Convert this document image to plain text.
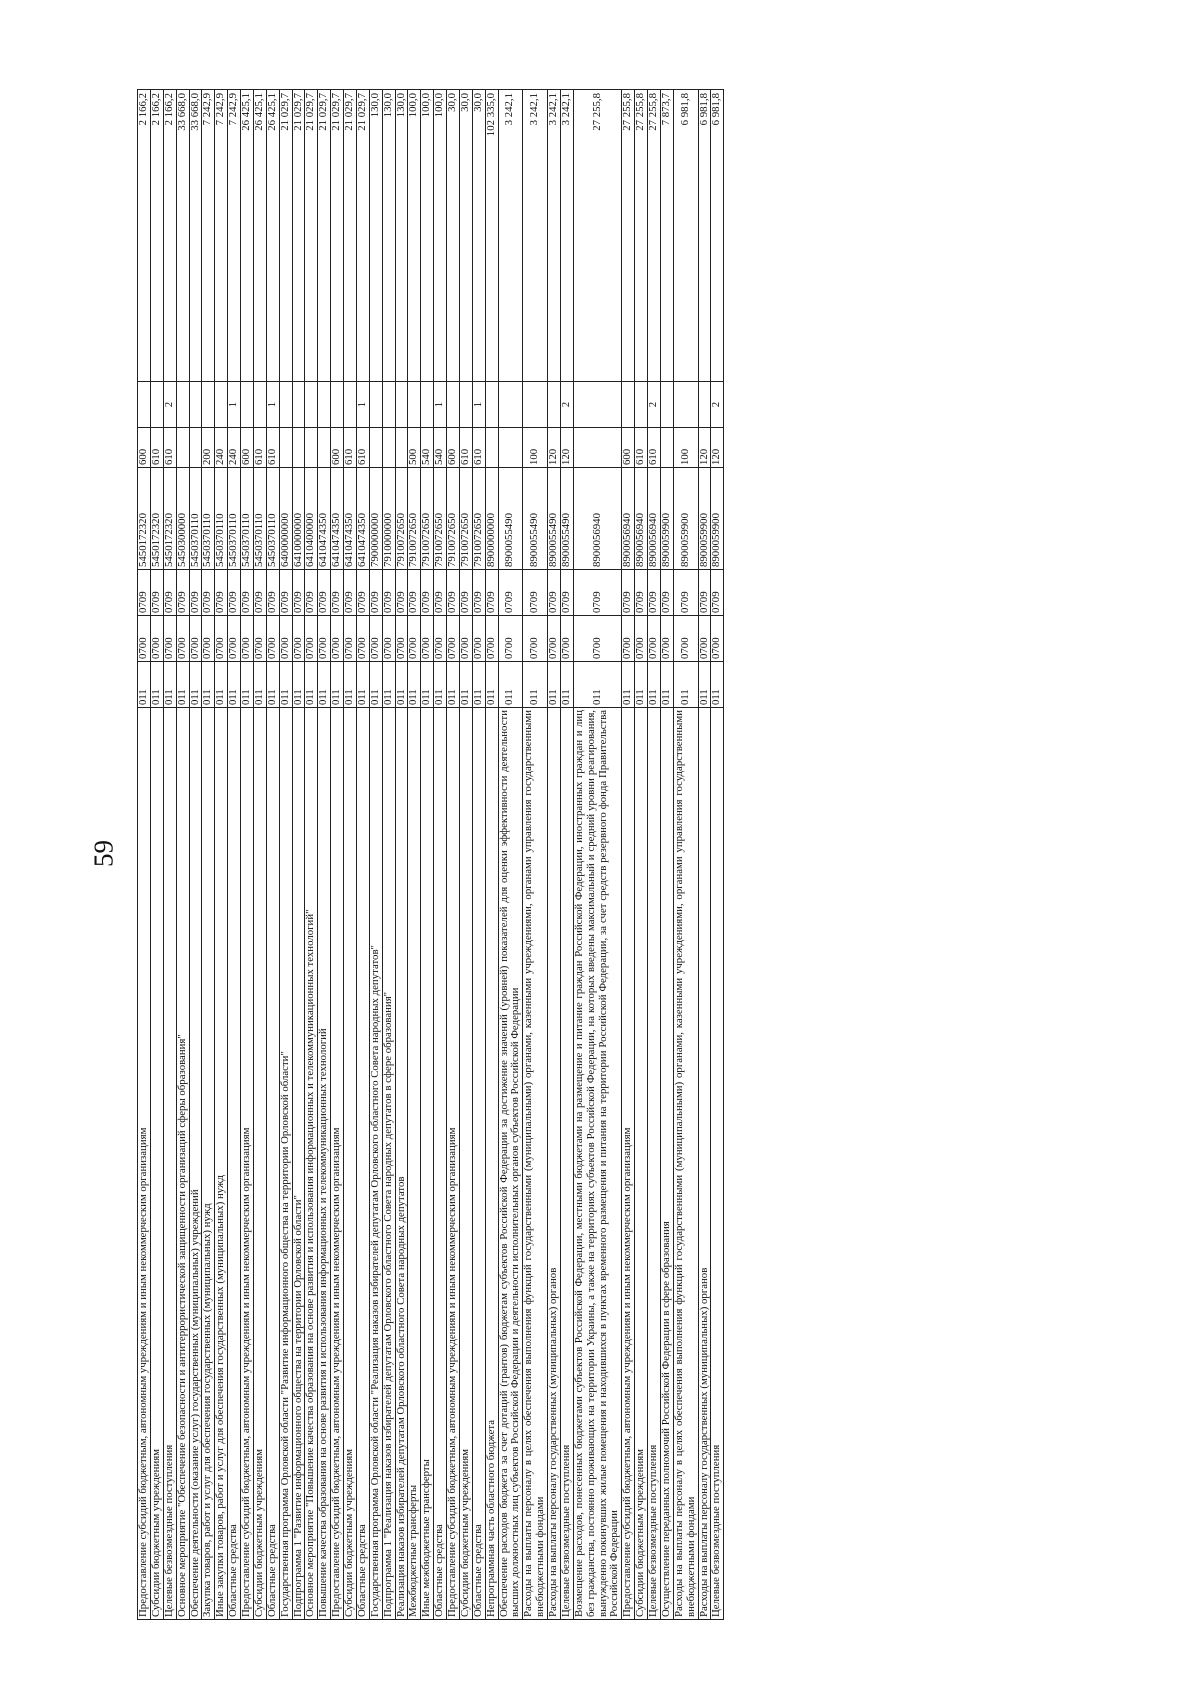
59
Предоставление субсидий бюджетным, автономным учреждениям и иным некоммерческим организациям	011	0700	0709	5450172320	600		2 166,2
Субсидии бюджетным учреждениям	011	0700	0709	5450172320	610		2 166,2
Целевые безвозмездные поступления	011	0700	0709	5450172320	610	2	2 166,2
Основное мероприятие "Обеспечение безопасности и антитеррористической защищенности организаций сферы образования"	011	0700	0709	5450300000			33 668,0
Обеспечение деятельности (оказание услуг) государственных (муниципальных) учреждений	011	0700	0709	5450370110			33 668,0
Закупка товаров, работ и услуг для обеспечения государственных (муниципальных) нужд	011	0700	0709	5450370110	200		7 242,9
Иные закупки товаров, работ и услуг для обеспечения государственных (муниципальных) нужд	011	0700	0709	5450370110	240		7 242,9
Областные средства	011	0700	0709	5450370110	240	1	7 242,9
Предоставление субсидий бюджетным, автономным учреждениям и иным некоммерческим организациям	011	0700	0709	5450370110	600		26 425,1
Субсидии бюджетным учреждениям	011	0700	0709	5450370110	610		26 425,1
Областные средства	011	0700	0709	5450370110	610	1	26 425,1
Государственная программа Орловской области "Развитие информационного общества на территории Орловской области"	011	0700	0709	6400000000			21 029,7
Подпрограмма 1 "Развитие информационного общества на территории Орловской области"	011	0700	0709	6410000000			21 029,7
Основное мероприятие "Повышение качества образования на основе развития и использования информационных и телекоммуникационных технологий"	011	0700	0709	6410400000			21 029,7
Повышение качества образования на основе развития и использования информационных и телекоммуникационных технологий	011	0700	0709	6410474350			21 029,7
Предоставление субсидий бюджетным, автономным учреждениям и иным некоммерческим организациям	011	0700	0709	6410474350	600		21 029,7
Субсидии бюджетным учреждениям	011	0700	0709	6410474350	610		21 029,7
Областные средства	011	0700	0709	6410474350	610	1	21 029,7
Государственная программа Орловской области "Реализация наказов избирателей депутатам Орловского областного Совета народных депутатов"	011	0700	0709	7900000000			130,0
Подпрограмма 1 "Реализация наказов избирателей депутатам Орловского областного Совета народных депутатов в сфере образования"	011	0700	0709	7910000000			130,0
Реализация наказов избирателей депутатам Орловского областного Совета народных депутатов	011	0700	0709	7910072650			130,0
Межбюджетные трансферты	011	0700	0709	7910072650	500		100,0
Иные межбюджетные трансферты	011	0700	0709	7910072650	540		100,0
Областные средства	011	0700	0709	7910072650	540	1	100,0
Предоставление субсидий бюджетным, автономным учреждениям и иным некоммерческим организациям	011	0700	0709	7910072650	600		30,0
Субсидии бюджетным учреждениям	011	0700	0709	7910072650	610		30,0
Областные средства	011	0700	0709	7910072650	610	1	30,0
Непрограммная часть областного бюджета	011	0700	0709	8900000000			102 335,0
Обеспечение расходов бюджета за счет дотаций (грантов) бюджетам субъектов Российской Федерации за достижение значений (уровней) показателей для оценки эффективности деятельности высших должностных лиц субъектов Российской Федерации и деятельности исполнительных органов субъектов Российской Федерации	011	0700	0709	8900055490			3 242,1
Расходы на выплаты персоналу в целях обеспечения выполнения функций государственными (муниципальными) органами, казенными учреждениями, органами управления государственными внебюджетными фондами	011	0700	0709	8900055490	100		3 242,1
Расходы на выплаты персоналу государственных (муниципальных) органов	011	0700	0709	8900055490	120		3 242,1
Целевые безвозмездные поступления	011	0700	0709	8900055490	120	2	3 242,1
Возмещение расходов, понесенных бюджетами субъектов Российской Федерации, местными бюджетами на размещение и питание граждан Российской Федерации, иностранных граждан и лиц без гражданства, постоянно проживающих на территории Украины, а также на территориях субъектов Российской Федерации, на которых введены максимальный и средний уровни реагирования, вынужденно покинувших жилые помещения и находившихся в пунктах временного размещения и питания на территории Российской Федерации, за счет средств резервного фонда Правительства Российской Федерации	011	0700	0709	8900056940			27 255,8
Предоставление субсидий бюджетным, автономным учреждениям и иным некоммерческим организациям	011	0700	0709	8900056940	600		27 255,8
Субсидии бюджетным учреждениям	011	0700	0709	8900056940	610		27 255,8
Целевые безвозмездные поступления	011	0700	0709	8900056940	610	2	27 255,8
Осуществление переданных полномочий Российской Федерации в сфере образования	011	0700	0709	8900059900			7 873,7
Расходы на выплаты персоналу в целях обеспечения выполнения функций государственными (муниципальными) органами, казенными учреждениями, органами управления государственными внебюджетными фондами	011	0700	0709	8900059900	100		6 981,8
Расходы на выплаты персоналу государственных (муниципальных) органов	011	0700	0709	8900059900	120		6 981,8
Целевые безвозмездные поступления	011	0700	0709	8900059900	120	2	6 981,8
